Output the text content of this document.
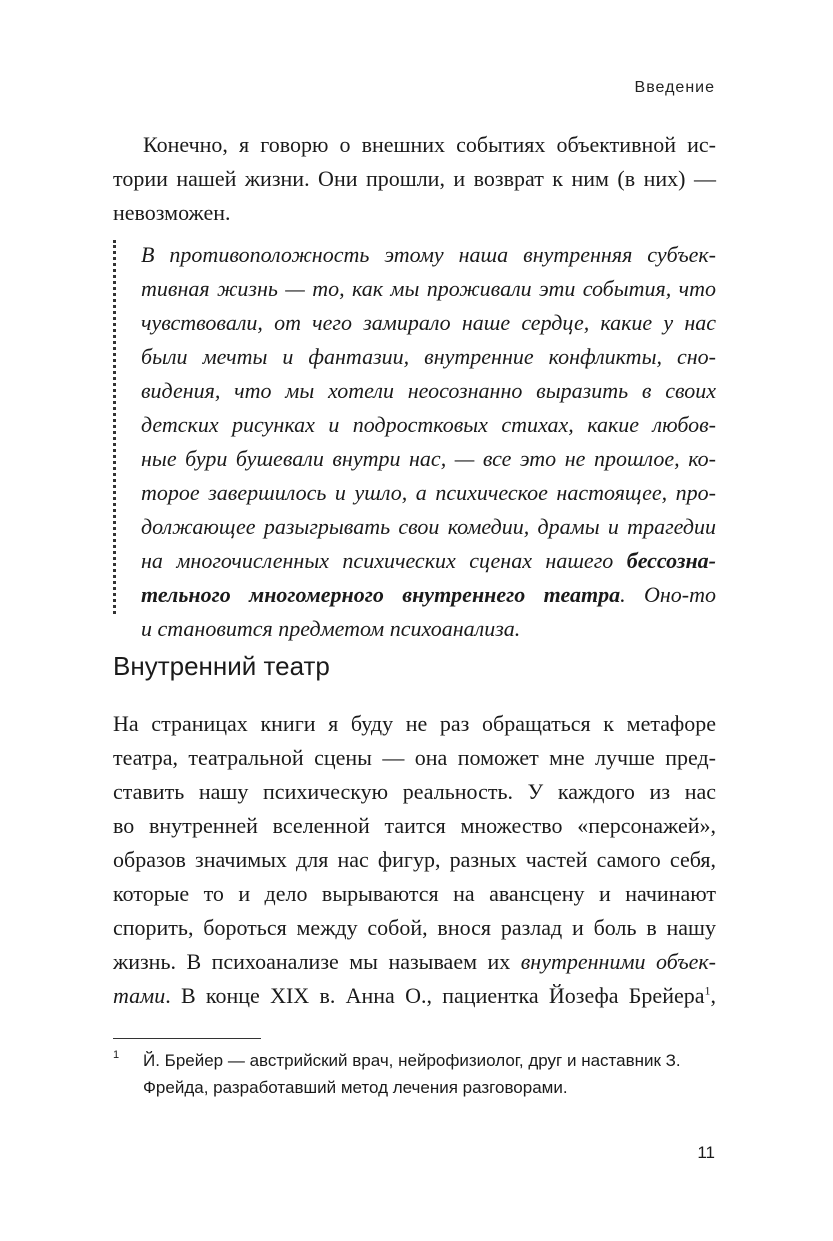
Введение
Конечно, я говорю о внешних событиях объективной ис-
тории нашей жизни. Они прошли, и возврат к ним (в них) —
невозможен.
В противоположность этому наша внутренняя субъек-
тивная жизнь — то, как мы проживали эти события, что
чувствовали, от чего замирало наше сердце, какие у нас
были мечты и фантазии, внутренние конфликты, сно-
видения, что мы хотели неосознанно выразить в своих
детских рисунках и подростковых стихах, какие любов-
ные бури бушевали внутри нас, — все это не прошлое, ко-
торое завершилось и ушло, а психическое настоящее, про-
должающее разыгрывать свои комедии, драмы и трагедии
на многочисленных психических сценах нашего бессозна-
тельного многомерного внутреннего театра. Оно-то
и становится предметом психоанализа.
Внутренний театр
На страницах книги я буду не раз обращаться к метафоре
театра, театральной сцены — она поможет мне лучше пред-
ставить нашу психическую реальность. У каждого из нас
во внутренней вселенной таится множество «персонажей»,
образов значимых для нас фигур, разных частей самого себя,
которые то и дело вырываются на авансцену и начинают
спорить, бороться между собой, внося разлад и боль в нашу
жизнь. В психоанализе мы называем их внутренними объек-
тами. В конце XIX в. Анна О., пациентка Йозефа Брейера$^1$,
1 Й. Брейер — австрийский врач, нейрофизиолог, друг и наставник З. Фрейда, разработавший метод лечения разговорами.
11
